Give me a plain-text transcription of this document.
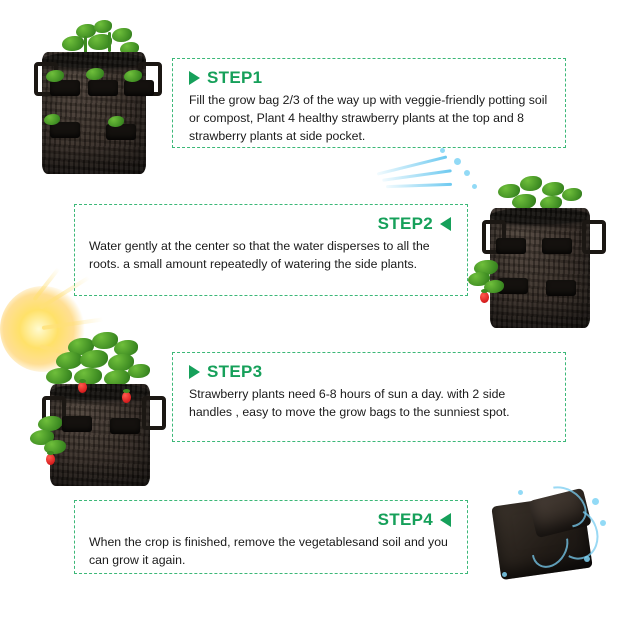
STEP1
Fill the grow bag 2/3 of the way up with veggie-friendly potting soil or compost, Plant 4 healthy strawberry plants at the top and 8 strawberry plants at side pocket.
STEP2
Water gently at the center so that the water disperses to all the roots. a small amount repeatedly of watering the side plants.
STEP3
Strawberry plants need 6-8 hours of sun a day. with 2 side handles , easy to move the grow bags to the sunniest spot.
STEP4
When the crop is finished, remove the vegetablesand soil and you can grow it again.
